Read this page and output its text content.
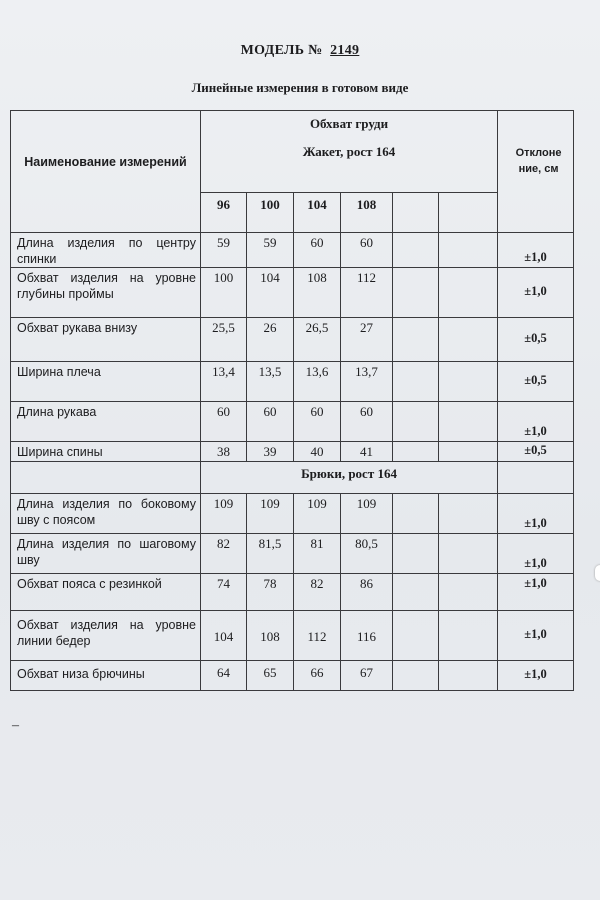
МОДЕЛЬ № 2149
Линейные измерения в готовом виде
Наименование измерений	Обхват груди
Жакет, рост 164						Отклоне ние, см
	96	100	104	108			
Длина изделия по центру спинки	59	59	60	60			±1,0
Обхват изделия на уровне глубины проймы	100	104	108	112			±1,0
Обхват рукава внизу	25,5	26	26,5	27			±0,5
Ширина плеча	13,4	13,5	13,6	13,7			±0,5
Длина рукава	60	60	60	60			±1,0
Ширина спины	38	39	40	41			±0,5
	Брюки, рост 164						
Длина изделия по боковому шву с поясом	109	109	109	109			±1,0
Длина изделия по шаговому шву	82	81,5	81	80,5			±1,0
Обхват пояса с резинкой	74	78	82	86			±1,0
Обхват изделия на уровне линии бедер	104	108	112	116			±1,0
Обхват низа брючины	64	65	66	67			±1,0
–
